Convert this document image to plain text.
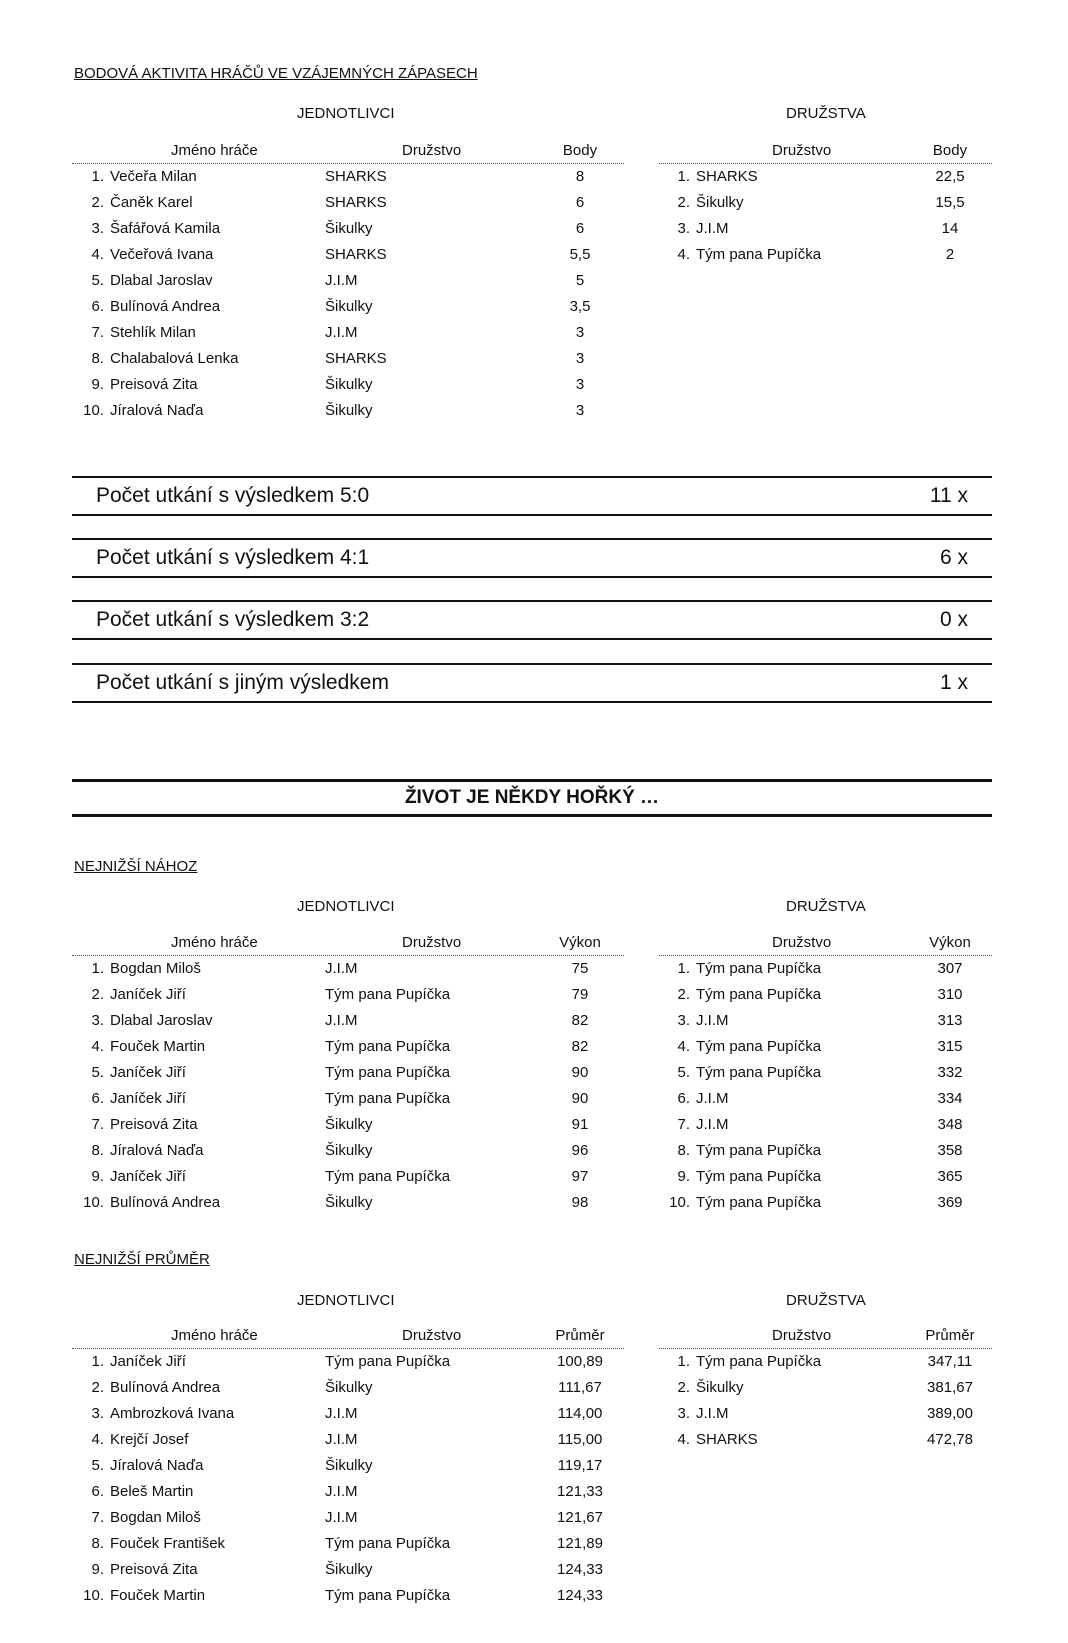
BODOVÁ AKTIVITA HRÁČŮ VE VZÁJEMNÝCH ZÁPASECH
JEDNOTLIVCI	DRUŽSTVA
Jméno hráče	Družstvo	Body	Družstvo	Body
1. Večeřa Milan	SHARKS	8
2. Čaněk Karel	SHARKS	6
3. Šafářová Kamila	Šikulky	6
4. Večeřová Ivana	SHARKS	5,5
5. Dlabal Jaroslav	J.I.M	5
6. Bulínová Andrea	Šikulky	3,5
7. Stehlík Milan	J.I.M	3
8. Chalabalová Lenka	SHARKS	3
9. Preisová Zita	Šikulky	3
10. Jíralová Naďa	Šikulky	3
1. SHARKS	22,5
2. Šikulky	15,5
3. J.I.M	14
4. Tým pana Pupíčka	2
Počet utkání s výsledkem 5:0	11 x
Počet utkání s výsledkem 4:1	6 x
Počet utkání s výsledkem 3:2	0 x
Počet utkání s jiným výsledkem	1 x
ŽIVOT JE NĚKDY HOŘKÝ …
NEJNIŽŠÍ NÁHOZ
JEDNOTLIVCI	DRUŽSTVA
Jméno hráče	Družstvo	Výkon	Družstvo	Výkon
1. Bogdan Miloš	J.I.M	75
2. Janíček Jiří	Tým pana Pupíčka	79
3. Dlabal Jaroslav	J.I.M	82
4. Fouček Martin	Tým pana Pupíčka	82
5. Janíček Jiří	Tým pana Pupíčka	90
6. Janíček Jiří	Tým pana Pupíčka	90
7. Preisová Zita	Šikulky	91
8. Jíralová Naďa	Šikulky	96
9. Janíček Jiří	Tým pana Pupíčka	97
10. Bulínová Andrea	Šikulky	98
1. Tým pana Pupíčka	307
2. Tým pana Pupíčka	310
3. J.I.M	313
4. Tým pana Pupíčka	315
5. Tým pana Pupíčka	332
6. J.I.M	334
7. J.I.M	348
8. Tým pana Pupíčka	358
9. Tým pana Pupíčka	365
10. Tým pana Pupíčka	369
NEJNIŽŠÍ PRŮMĚR
JEDNOTLIVCI	DRUŽSTVA
Jméno hráče	Družstvo	Průměr	Družstvo	Průměr
1. Janíček Jiří	Tým pana Pupíčka	100,89
2. Bulínová Andrea	Šikulky	111,67
3. Ambrozková Ivana	J.I.M	114,00
4. Krejčí Josef	J.I.M	115,00
5. Jíralová Naďa	Šikulky	119,17
6. Beleš Martin	J.I.M	121,33
7. Bogdan Miloš	J.I.M	121,67
8. Fouček František	Tým pana Pupíčka	121,89
9. Preisová Zita	Šikulky	124,33
10. Fouček Martin	Tým pana Pupíčka	124,33
1. Tým pana Pupíčka	347,11
2. Šikulky	381,67
3. J.I.M	389,00
4. SHARKS	472,78
